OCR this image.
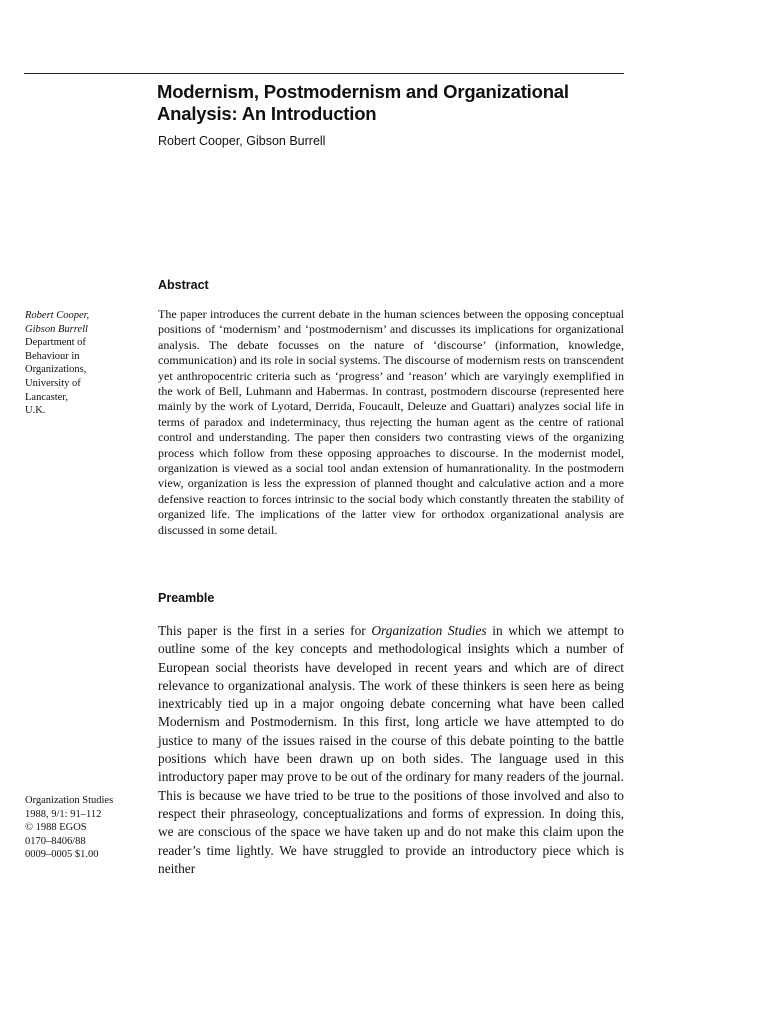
Modernism, Postmodernism and Organizational Analysis: An Introduction

Robert Cooper, Gibson Burrell

Abstract

The paper introduces the current debate in the human sciences between the opposing conceptual positions of ‘modernism’ and ‘postmodernism’ and discusses its implications for organizational analysis. The debate focusses on the nature of ‘discourse’ (information, knowledge, communication) and its role in social systems. The discourse of modernism rests on transcendent yet anthropocentric criteria such as ‘progress’ and ‘reason’ which are varyingly exemplified in the work of Bell, Luhmann and Habermas. In contrast, postmodern discourse (represented here mainly by the work of Lyotard, Derrida, Foucault, Deleuze and Guattari) analyzes social life in terms of paradox and indeterminacy, thus rejecting the human agent as the centre of rational control and understanding. The paper then considers two contrasting views of the organizing process which follow from these opposing approaches to discourse. In the modernist model, organization is viewed as a social tool andan extension of humanrationality. In the postmodern view, organization is less the expression of planned thought and calculative action and a more defensive reaction to forces intrinsic to the social body which constantly threaten the stability of organized life. The implications of the latter view for orthodox organizational analysis are discussed in some detail.

Robert Cooper,
Gibson Burrell
Department of
Behaviour in
Organizations,
University of
Lancaster,
U.K.
Preamble

This paper is the first in a series for Organization Studies in which we attempt to outline some of the key concepts and methodological insights which a number of European social theorists have developed in recent years and which are of direct relevance to organizational analysis. The work of these thinkers is seen here as being inextricably tied up in a major ongoing debate concerning what have been called Modernism and Postmodernism. In this first, long article we have attempted to do justice to many of the issues raised in the course of this debate pointing to the battle positions which have been drawn up on both sides. The language used in this introductory paper may prove to be out of the ordinary for many readers of the journal. This is because we have tried to be true to the positions of those involved and also to respect their phraseology, conceptualizations and forms of expression. In doing this, we are conscious of the space we have taken up and do not make this claim upon the reader’s time lightly. We have struggled to provide an introductory piece which is neither

Organization Studies
1988, 9/1: 91–112
© 1988 EGOS
0170–8406/88
0009–0005 $1.00
